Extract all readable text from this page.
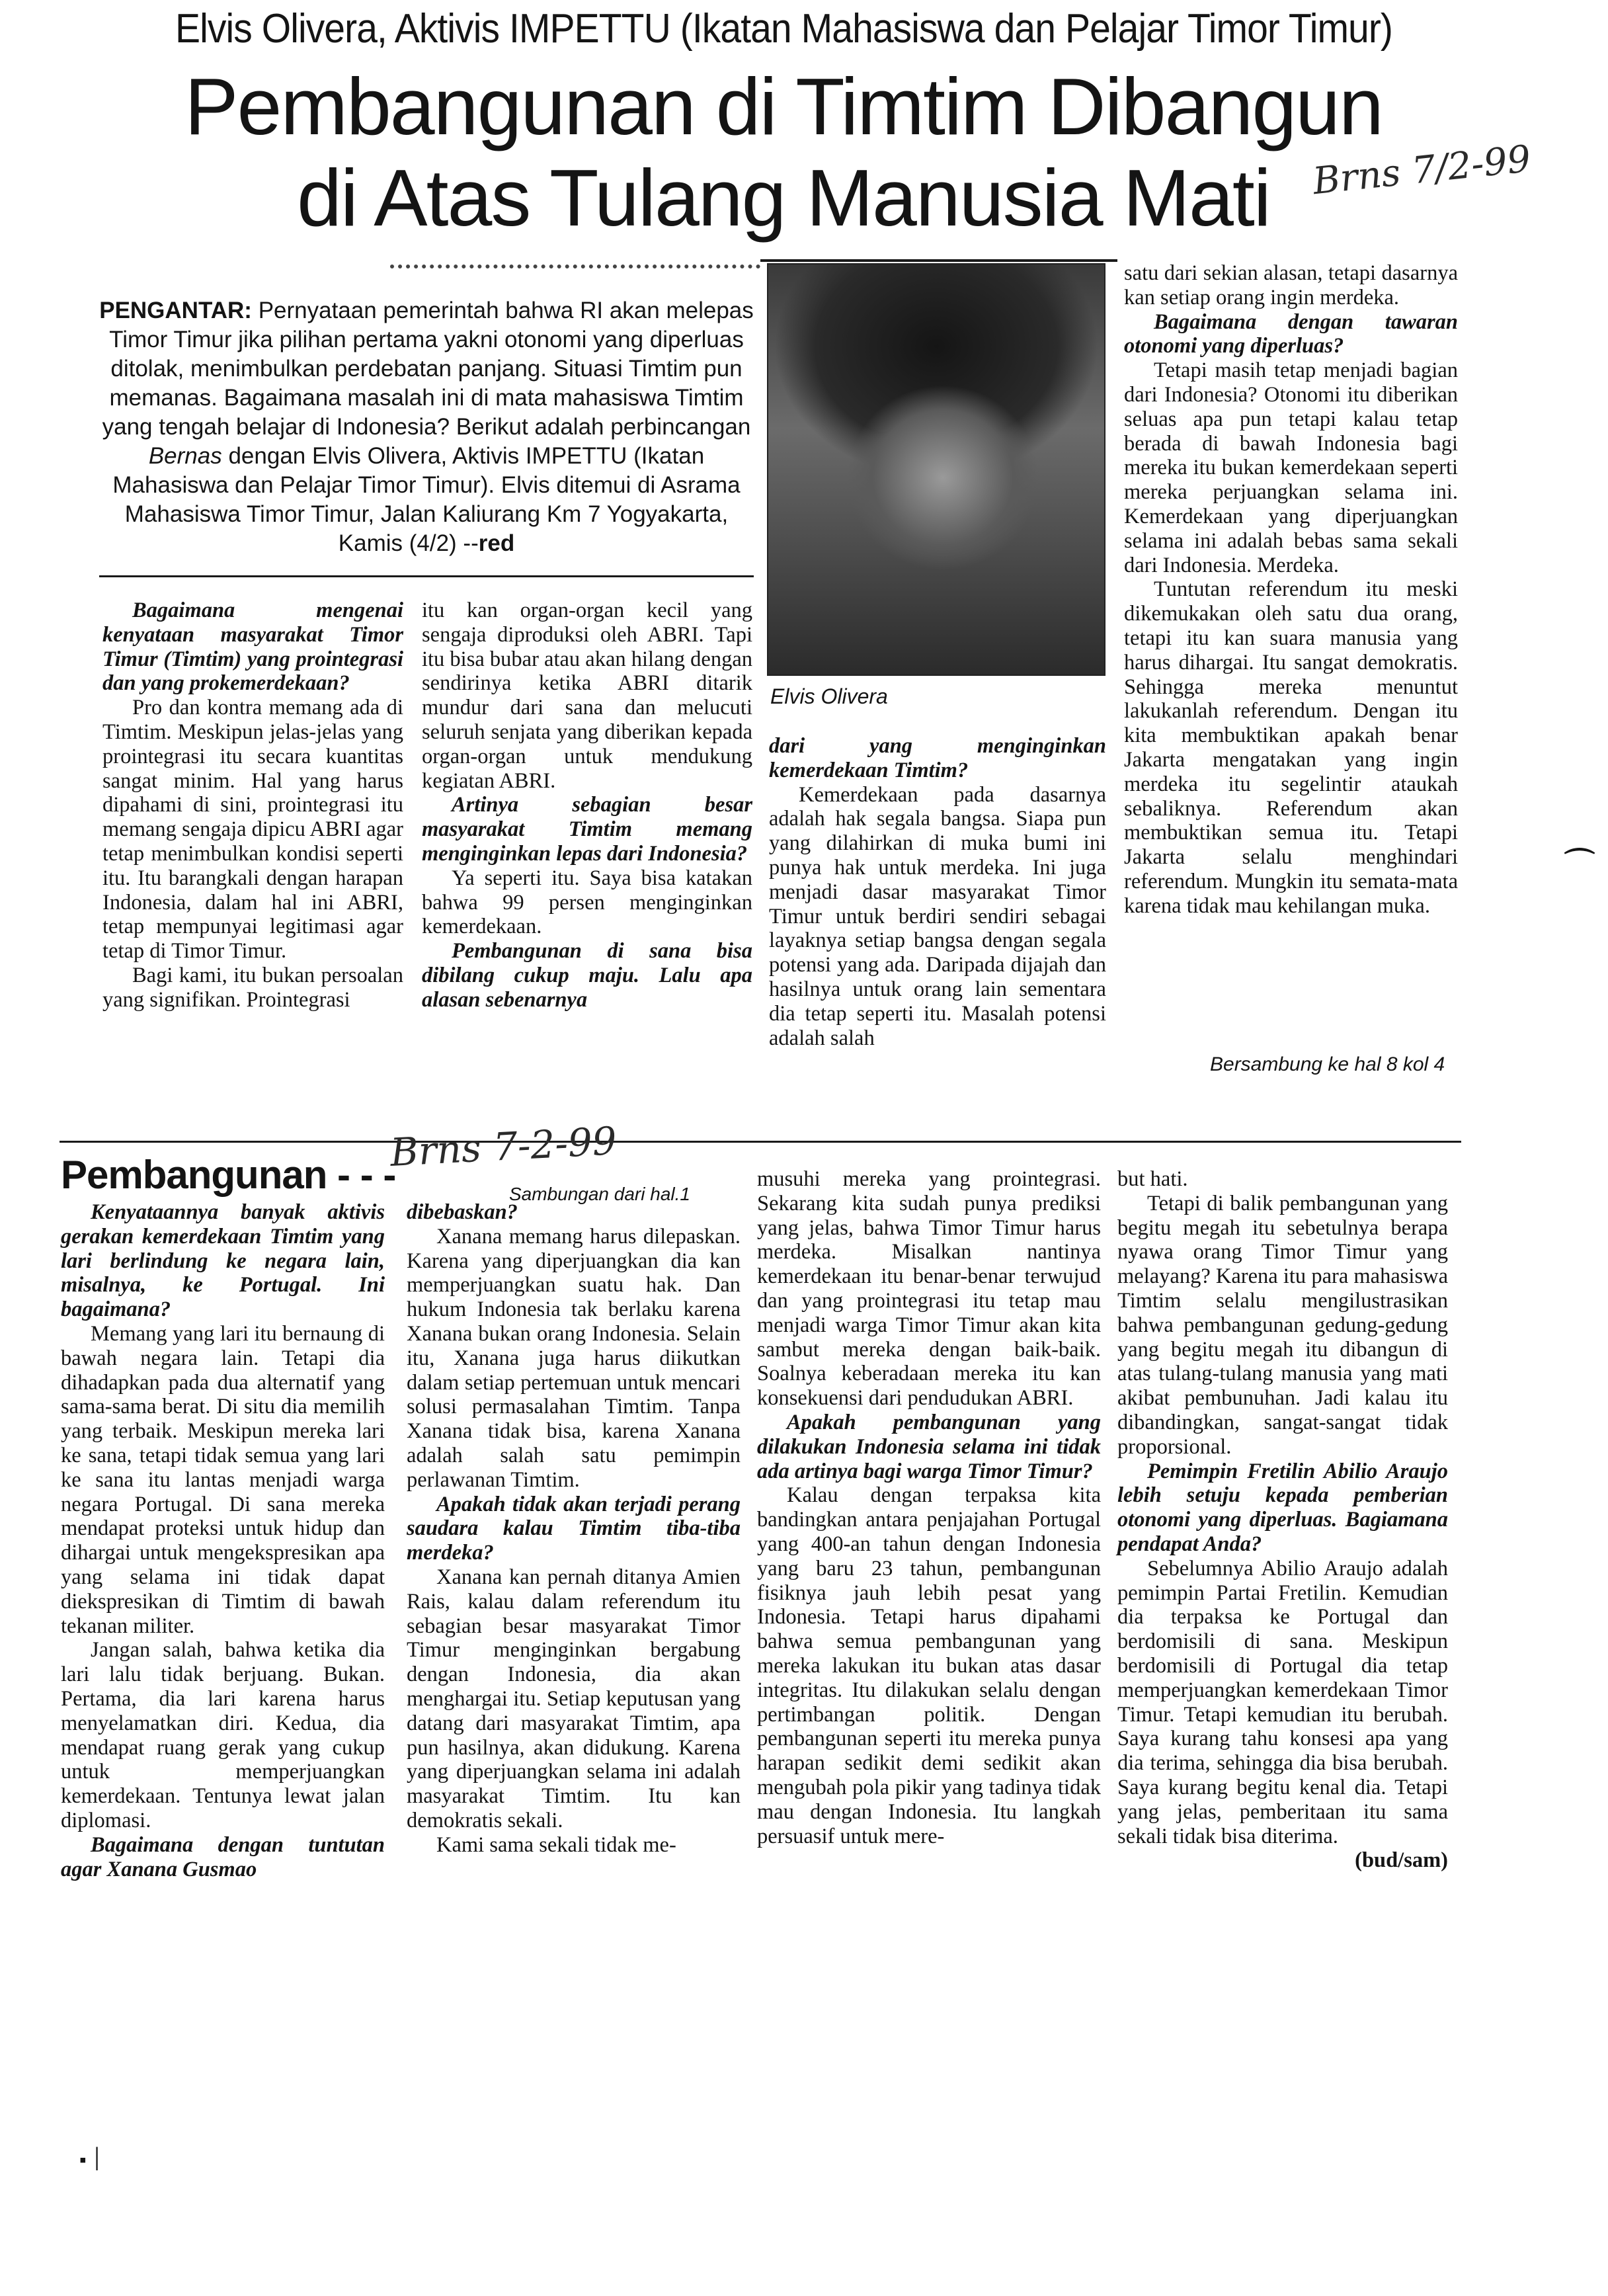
Elvis Olivera, Aktivis IMPETTU (Ikatan Mahasiswa dan Pelajar Timor Timur)
Pembangunan di Timtim Dibangun
di Atas Tulang Manusia Mati	Brns 7/2-99
PENGANTAR: Pernyataan pemerintah bahwa RI akan melepas Timor Timur jika pilihan pertama yakni otonomi yang diperluas ditolak, menimbulkan perdebatan panjang. Situasi Timtim pun memanas. Bagaimana masalah ini di mata mahasiswa Timtim yang tengah belajar di Indonesia? Berikut adalah perbincangan Bernas dengan Elvis Olivera, Aktivis IMPETTU (Ikatan Mahasiswa dan Pelajar Timor Timur). Elvis ditemui di Asrama Mahasiswa Timor Timur, Jalan Kaliurang Km 7 Yogyakarta, Kamis (4/2) --red
Elvis Olivera

Bagaimana mengenai kenyataan masyarakat Timor Timur (Timtim) yang prointegrasi dan yang prokemerdekaan?

Pro dan kontra memang ada di Timtim. Meskipun jelas-jelas yang prointegrasi itu secara kuantitas sangat minim. Hal yang harus dipahami di sini, prointegrasi itu memang sengaja dipicu ABRI agar tetap menimbulkan kondisi seperti itu. Itu barangkali dengan harapan Indonesia, dalam hal ini ABRI, tetap mempunyai legitimasi agar tetap di Timor Timur.

Bagi kami, itu bukan persoalan yang signifikan. Prointegrasi

itu kan organ-organ kecil yang sengaja diproduksi oleh ABRI. Tapi itu bisa bubar atau akan hilang dengan sendirinya ketika ABRI ditarik mundur dari sana dan melucuti seluruh senjata yang diberikan kepada organ-organ untuk mendukung kegiatan ABRI.

Artinya sebagian besar masyarakat Timtim memang menginginkan lepas dari Indonesia?

Ya seperti itu. Saya bisa katakan bahwa 99 persen menginginkan kemerdekaan.

Pembangunan di sana bisa dibilang cukup maju. Lalu apa alasan sebenarnya

dari yang menginginkan kemerdekaan Timtim?

Kemerdekaan pada dasarnya adalah hak segala bangsa. Siapa pun yang dilahirkan di muka bumi ini punya hak untuk merdeka. Ini juga menjadi dasar masyarakat Timor Timur untuk berdiri sendiri sebagai layaknya setiap bangsa dengan segala potensi yang ada. Daripada dijajah dan hasilnya untuk orang lain sementara dia tetap seperti itu. Masalah potensi adalah salah

satu dari sekian alasan, tetapi dasarnya kan setiap orang ingin merdeka.

Bagaimana dengan tawaran otonomi yang diperluas?

Tetapi masih tetap menjadi bagian dari Indonesia? Otonomi itu diberikan seluas apa pun tetapi kalau tetap berada di bawah Indonesia bagi mereka itu bukan kemerdekaan seperti mereka perjuangkan selama ini. Kemerdekaan yang diperjuangkan selama ini adalah bebas sama sekali dari Indonesia. Merdeka.

Tuntutan referendum itu meski dikemukakan oleh satu dua orang, tetapi itu kan suara manusia yang harus dihargai. Itu sangat demokratis. Sehingga mereka menuntut lakukanlah referendum. Dengan itu kita membuktikan apakah benar Jakarta mengatakan yang ingin merdeka itu segelintir ataukah sebaliknya. Referendum akan membuktikan semua itu. Tetapi Jakarta selalu menghindari referendum. Mungkin itu semata-mata karena tidak mau kehilangan muka.

Bersambung ke hal 8 kol 4
⌒
Pembangunan - - -
Brns 7-2-99
Sambungan dari hal.1

Kenyataannya banyak aktivis gerakan kemerdekaan Timtim yang lari berlindung ke negara lain, misalnya, ke Portugal. Ini bagaimana?

Memang yang lari itu bernaung di bawah negara lain. Tetapi dia dihadapkan pada dua alternatif yang sama-sama berat. Di situ dia memilih yang terbaik. Meskipun mereka lari ke sana, tetapi tidak semua yang lari ke sana itu lantas menjadi warga negara Portugal. Di sana mereka mendapat proteksi untuk hidup dan dihargai untuk mengekspresikan apa yang selama ini tidak dapat diekspresikan di Timtim di bawah tekanan militer.

Jangan salah, bahwa ketika dia lari lalu tidak berjuang. Bukan. Pertama, dia lari karena harus menyelamatkan diri. Kedua, dia mendapat ruang gerak yang cukup untuk memperjuangkan kemerdekaan. Tentunya lewat jalan diplomasi.

Bagaimana dengan tuntutan agar Xanana Gusmao

dibebaskan?

Xanana memang harus dilepaskan. Karena yang diperjuangkan dia kan memperjuangkan suatu hak. Dan hukum Indonesia tak berlaku karena Xanana bukan orang Indonesia. Selain itu, Xanana juga harus diikutkan dalam setiap pertemuan untuk mencari solusi permasalahan Timtim. Tanpa Xanana tidak bisa, karena Xanana adalah salah satu pemimpin perlawanan Timtim.

Apakah tidak akan terjadi perang saudara kalau Timtim tiba-tiba merdeka?

Xanana kan pernah ditanya Amien Rais, kalau dalam referendum itu sebagian besar masyarakat Timor Timur menginginkan bergabung dengan Indonesia, dia akan menghargai itu. Setiap keputusan yang datang dari masyarakat Timtim, apa pun hasilnya, akan didukung. Karena yang diperjuangkan selama ini adalah masyarakat Timtim. Itu kan demokratis sekali.

Kami sama sekali tidak me-

musuhi mereka yang prointegrasi. Sekarang kita sudah punya prediksi yang jelas, bahwa Timor Timur harus merdeka. Misalkan nantinya kemerdekaan itu benar-benar terwujud dan yang prointegrasi itu tetap mau menjadi warga Timor Timur akan kita sambut mereka dengan baik-baik. Soalnya keberadaan mereka itu kan konsekuensi dari pendudukan ABRI.

Apakah pembangunan yang dilakukan Indonesia selama ini tidak ada artinya bagi warga Timor Timur?

Kalau dengan terpaksa kita bandingkan antara penjajahan Portugal yang 400-an tahun dengan Indonesia yang baru 23 tahun, pembangunan fisiknya jauh lebih pesat yang Indonesia. Tetapi harus dipahami bahwa semua pembangunan yang mereka lakukan itu bukan atas dasar integritas. Itu dilakukan selalu dengan pertimbangan politik. Dengan pembangunan seperti itu mereka punya harapan sedikit demi sedikit akan mengubah pola pikir yang tadinya tidak mau dengan Indonesia. Itu langkah persuasif untuk mere-

but hati.

Tetapi di balik pembangunan yang begitu megah itu sebetulnya berapa nyawa orang Timor Timur yang melayang? Karena itu para mahasiswa Timtim selalu mengilustrasikan bahwa pembangunan gedung-gedung yang begitu megah itu dibangun di atas tulang-tulang manusia yang mati akibat pembunuhan. Jadi kalau itu dibandingkan, sangat-sangat tidak proporsional.

Pemimpin Fretilin Abilio Araujo lebih setuju kepada pemberian otonomi yang diperluas. Bagiamana pendapat Anda?

Sebelumnya Abilio Araujo adalah pemimpin Partai Fretilin. Kemudian dia terpaksa ke Portugal dan berdomisili di sana. Meskipun berdomisili di Portugal dia tetap memperjuangkan kemerdekaan Timor Timur. Tetapi kemudian itu berubah. Saya kurang tahu konsesi apa yang dia terima, sehingga dia bisa berubah. Saya kurang begitu kenal dia. Tetapi yang jelas, pemberitaan itu sama sekali tidak bisa diterima.

(bud/sam)

▪ ׀
